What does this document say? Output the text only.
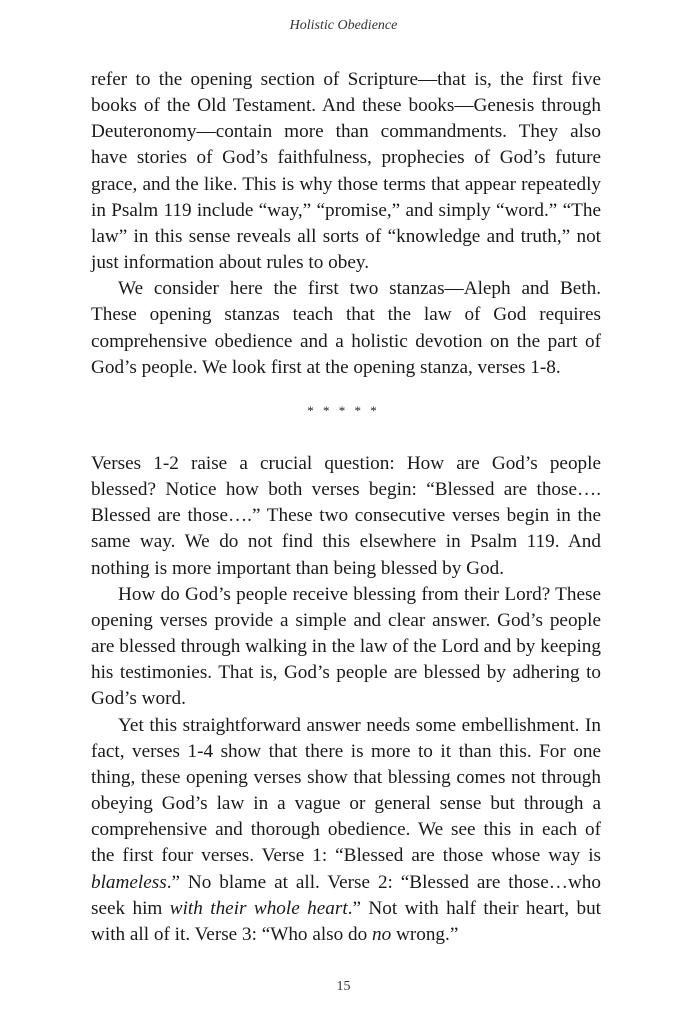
Holistic Obedience

refer to the opening section of Scripture—that is, the first five books of the Old Testament. And these books—Genesis through Deuteronomy—contain more than commandments. They also have stories of God’s faithfulness, prophecies of God’s future grace, and the like. This is why those terms that appear repeatedly in Psalm 119 include “way,” “promise,” and simply “word.” “The law” in this sense reveals all sorts of “knowledge and truth,” not just information about rules to obey.

We consider here the first two stanzas—Aleph and Beth. These opening stanzas teach that the law of God requires comprehensive obedience and a holistic devotion on the part of God’s people. We look first at the opening stanza, verses 1-8.

* * * * *

Verses 1-2 raise a crucial question: How are God’s people blessed? Notice how both verses begin: “Blessed are those…. Blessed are those….” These two consecutive verses begin in the same way. We do not find this elsewhere in Psalm 119. And nothing is more important than being blessed by God.

How do God’s people receive blessing from their Lord? These opening verses provide a simple and clear answer. God’s people are blessed through walking in the law of the Lord and by keeping his testimonies. That is, God’s people are blessed by adhering to God’s word.

Yet this straightforward answer needs some embellishment. In fact, verses 1-4 show that there is more to it than this. For one thing, these opening verses show that blessing comes not through obeying God’s law in a vague or general sense but through a comprehensive and thorough obedience. We see this in each of the first four verses. Verse 1: “Blessed are those whose way is blameless.” No blame at all. Verse 2: “Blessed are those…who seek him with their whole heart.” Not with half their heart, but with all of it. Verse 3: “Who also do no wrong.”

15
